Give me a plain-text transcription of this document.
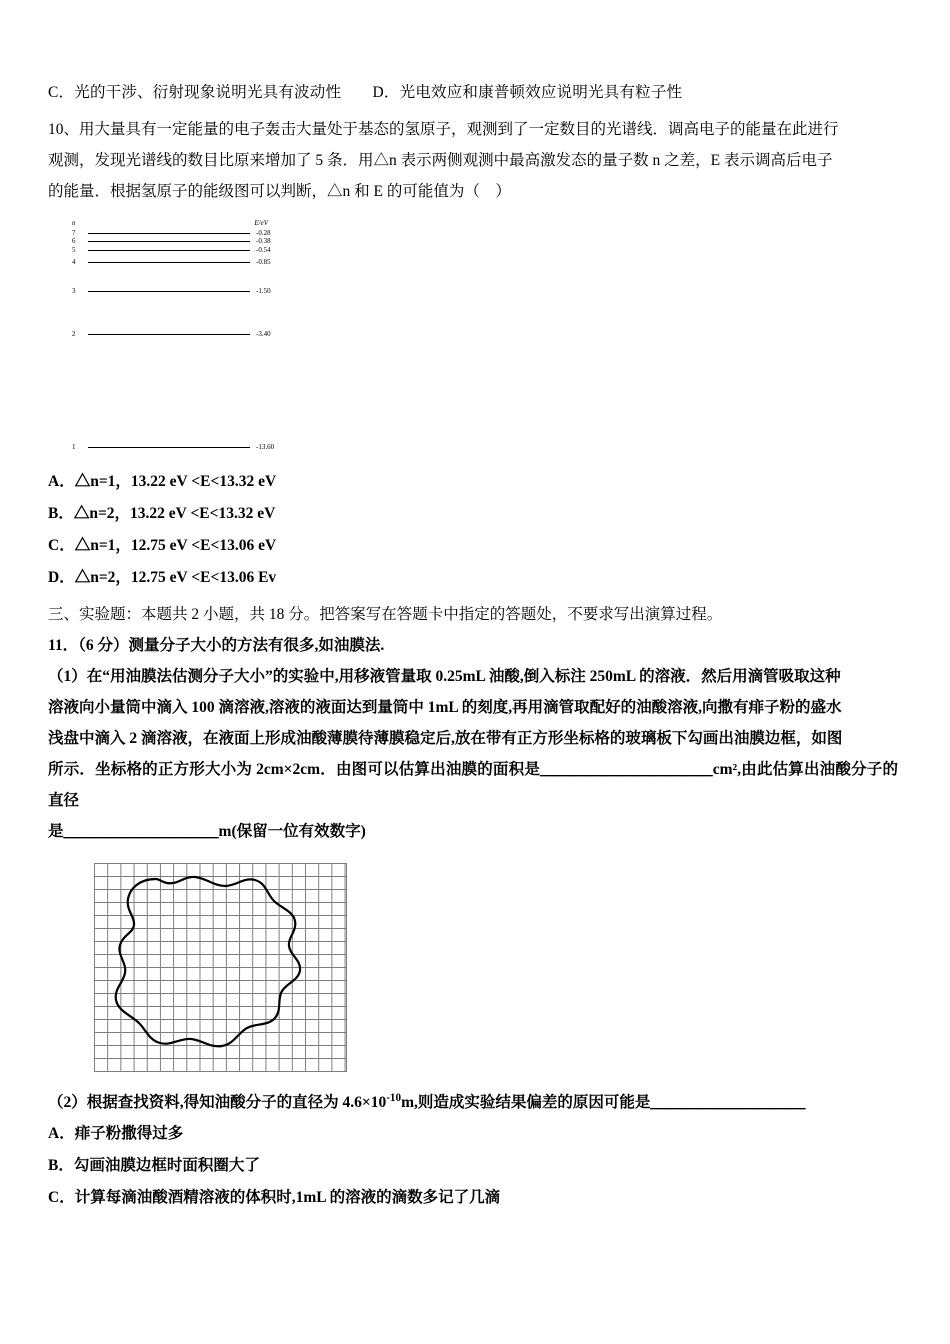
C．光的干涉、衍射现象说明光具有波动性　　D．光电效应和康普顿效应说明光具有粒子性
10、用大量具有一定能量的电子轰击大量处于基态的氢原子，观测到了一定数目的光谱线．调高电子的能量在此进行
观测，发现光谱线的数目比原来增加了 5 条．用△n 表示两侧观测中最高激发态的量子数 n 之差，E 表示调高后电子
的能量．根据氢原子的能级图可以判断，△n 和 E 的可能值为（　）
n	E/eV
7	-0.28
6	-0.38
5	-0.54
4	-0.85
3	-1.50
2	-3.40
1	-13.60
A．△n=1，13.22 eV <E<13.32 eV
B．△n=2，13.22 eV <E<13.32 eV
C．△n=1，12.75 eV <E<13.06 eV
D．△n=2，12.75 eV <E<13.06 Ev
三、实验题：本题共 2 小题，共 18 分。把答案写在答题卡中指定的答题处，不要求写出演算过程。
11．（6 分）测量分子大小的方法有很多,如油膜法.
（1）在“用油膜法估测分子大小”的实验中,用移液管量取 0.25mL 油酸,倒入标注 250mL 的溶液．然后用滴管吸取这种
溶液向小量筒中滴入 100 滴溶液,溶液的液面达到量筒中 1mL 的刻度,再用滴管取配好的油酸溶液,向撒有痱子粉的盛水
浅盘中滴入 2 滴溶液，在液面上形成油酸薄膜待薄膜稳定后,放在带有正方形坐标格的玻璃板下勾画出油膜边框，如图
所示．坐标格的正方形大小为 2cm×2cm．由图可以估算出油膜的面积是＿＿＿＿＿＿＿＿＿＿＿cm²,由此估算出油酸分子的直径
是＿＿＿＿＿＿＿＿＿＿m(保留一位有效数字)
（2）根据查找资料,得知油酸分子的直径为 $4.6\times 10^{-10}m$,则造成实验结果偏差的原因可能是＿＿＿＿＿＿＿＿＿＿
A．痱子粉撒得过多
B．勾画油膜边框时面积圈大了
C．计算每滴油酸酒精溶液的体积时,1mL 的溶液的滴数多记了几滴
